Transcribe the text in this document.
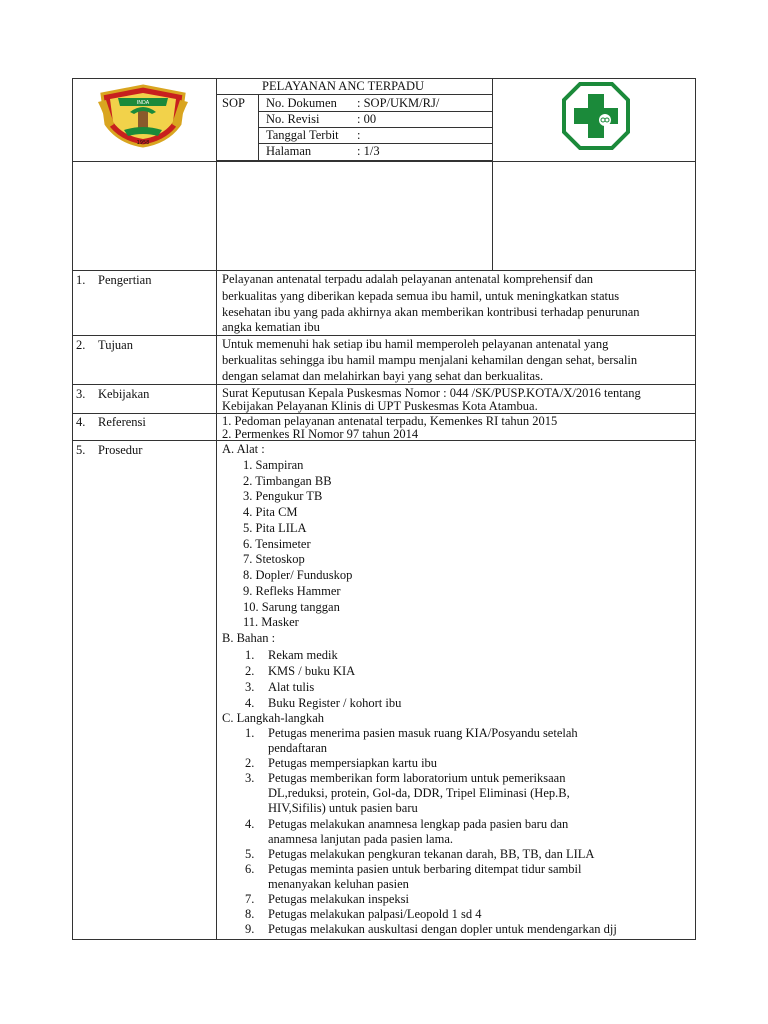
INDA
1958
PELAYANAN ANC TERPADU
SOP No. Dokumen : SOP/UKM/RJ/
No. Revisi	: 00
Tanggal Terbit :
Halaman	: 1/3
1. Pengertian
2. Tujuan
3. Kebijakan
4. Referensi
5. Prosedur
Pelayanan antenatal terpadu adalah pelayanan antenatal komprehensif dan
berkualitas yang diberikan kepada semua ibu hamil, untuk meningkatkan status
kesehatan ibu yang pada akhirnya akan memberikan kontribusi terhadap penurunan
angka kematian ibu
Untuk memenuhi hak setiap ibu hamil memperoleh pelayanan antenatal yang
berkualitas sehingga ibu hamil mampu menjalani kehamilan dengan sehat, bersalin
dengan selamat dan melahirkan bayi yang sehat dan berkualitas.
Surat Keputusan Kepala Puskesmas Nomor : 044 /SK/PUSP.KOTA/X/2016 tentang
Kebijakan Pelayanan Klinis di UPT Puskesmas Kota Atambua.
1. Pedoman pelayanan antenatal terpadu, Kemenkes RI tahun 2015
2. Permenkes RI Nomor 97 tahun 2014
A. Alat :
1. Sampiran
2. Timbangan BB
3. Pengukur TB
4. Pita CM
5. Pita LILA
6. Tensimeter
7. Stetoskop
8. Dopler/ Funduskop
9. Refleks Hammer
10. Sarung tanggan
11. Masker
B. Bahan :
1. Rekam medik
2. KMS / buku KIA
3. Alat tulis
4. Buku Register / kohort ibu
C. Langkah-langkah
1. Petugas menerima pasien masuk ruang KIA/Posyandu setelah
pendaftaran
2. Petugas mempersiapkan kartu ibu
3. Petugas memberikan form laboratorium untuk pemeriksaan
DL,reduksi, protein, Gol-da, DDR, Tripel Eliminasi (Hep.B,
HIV,Sifilis) untuk pasien baru
4. Petugas melakukan anamnesa lengkap pada pasien baru dan
anamnesa lanjutan pada pasien lama.
5. Petugas melakukan pengkuran tekanan darah, BB, TB, dan LILA
6. Petugas meminta pasien untuk berbaring ditempat tidur sambil
menanyakan keluhan pasien
7. Petugas melakukan inspeksi
8. Petugas melakukan palpasi/Leopold 1 sd 4
9. Petugas melakukan auskultasi dengan dopler untuk mendengarkan djj
